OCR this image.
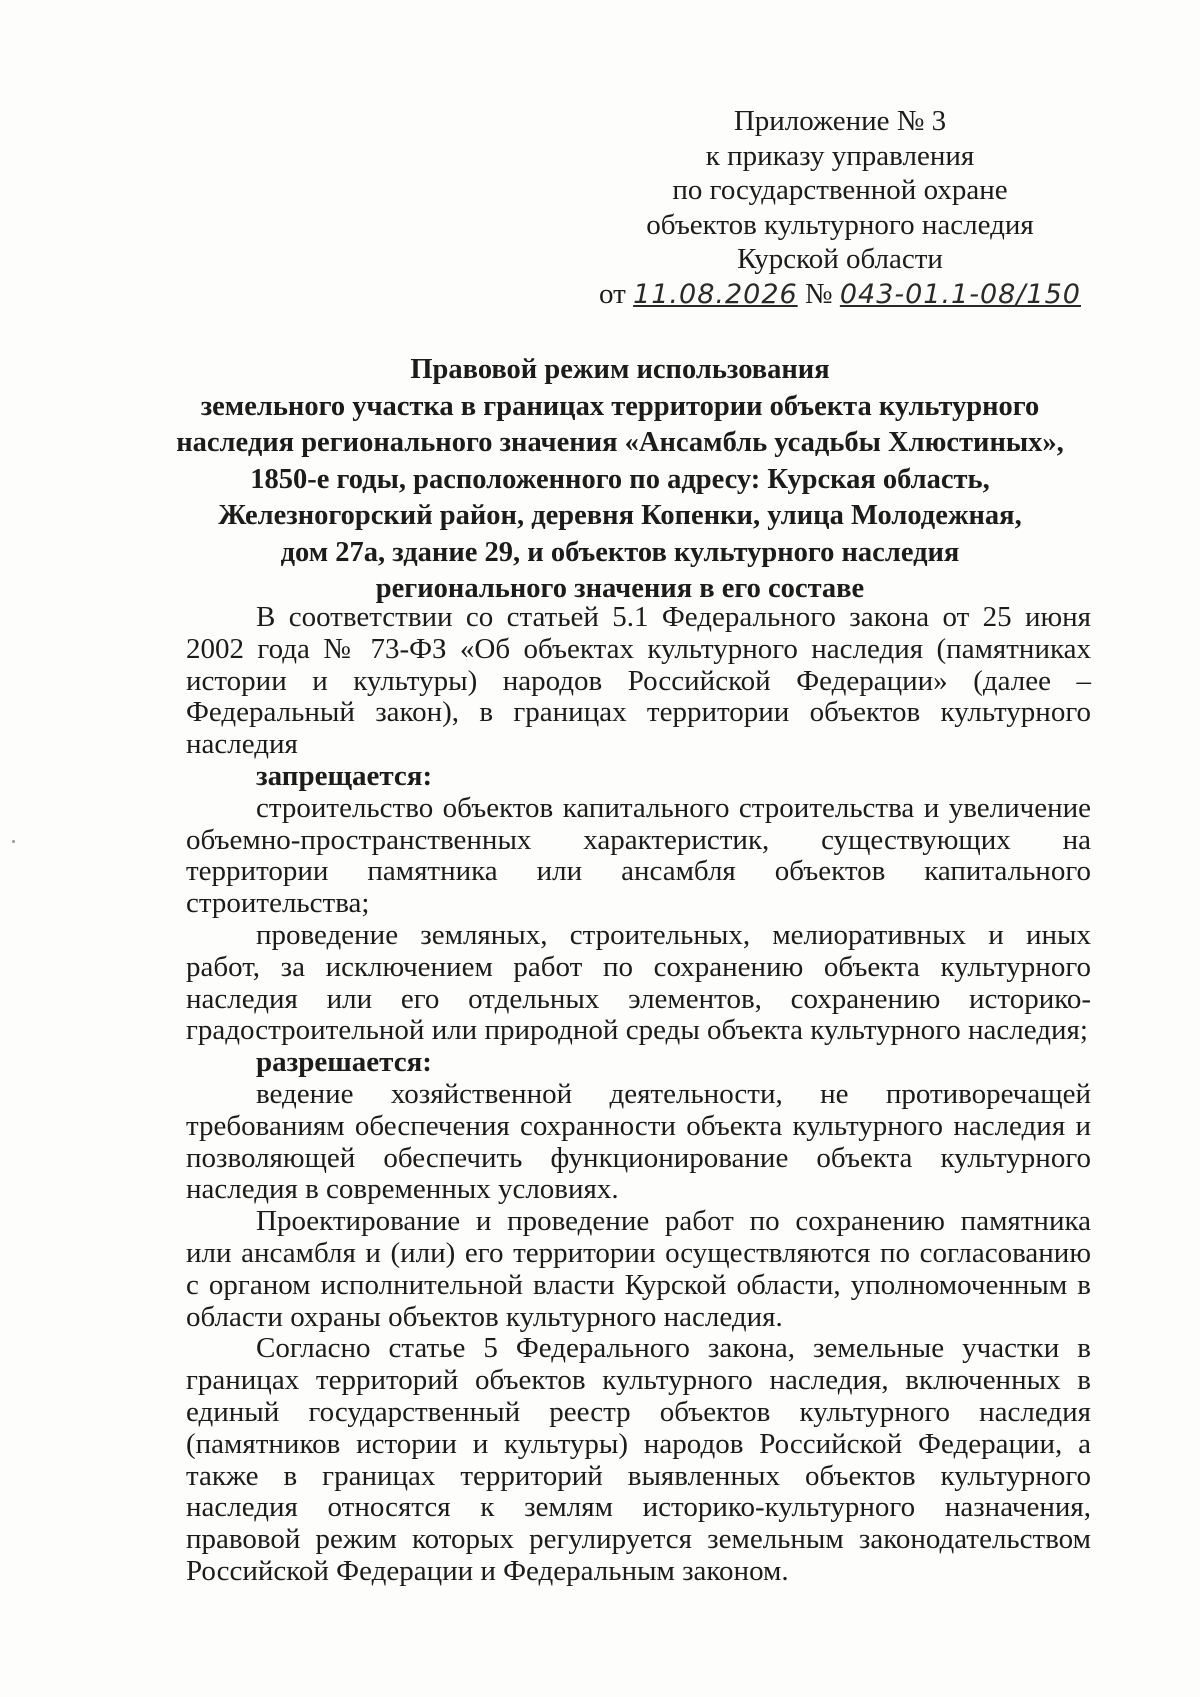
Приложение № 3
к приказу управления
по государственной охране
объектов культурного наследия
Курской области
от 11.08.2026 № 043-01.1-08/150
Правовой режим использования
земельного участка в границах территории объекта культурного
наследия регионального значения «Ансамбль усадьбы Хлюстиных»,
1850-е годы, расположенного по адресу: Курская область,
Железногорский район, деревня Копенки, улица Молодежная,
дом 27а, здание 29, и объектов культурного наследия
регионального значения в его составе

В соответствии со статьей 5.1 Федерального закона от 25 июня 2002 года № 73-ФЗ «Об объектах культурного наследия (памятниках истории и культуры) народов Российской Федерации» (далее – Федеральный закон), в границах территории объектов культурного наследия

запрещается:

строительство объектов капитального строительства и увеличение объемно-пространственных характеристик, существующих на территории памятника или ансамбля объектов капитального строительства;

проведение земляных, строительных, мелиоративных и иных работ, за исключением работ по сохранению объекта культурного наследия или его отдельных элементов, сохранению историко-градостроительной или природной среды объекта культурного наследия;

разрешается:

ведение хозяйственной деятельности, не противоречащей требованиям обеспечения сохранности объекта культурного наследия и позволяющей обеспечить функционирование объекта культурного наследия в современных условиях.

Проектирование и проведение работ по сохранению памятника или ансамбля и (или) его территории осуществляются по согласованию с органом исполнительной власти Курской области, уполномоченным в области охраны объектов культурного наследия.

Согласно статье 5 Федерального закона, земельные участки в границах территорий объектов культурного наследия, включенных в единый государственный реестр объектов культурного наследия (памятников истории и культуры) народов Российской Федерации, а также в границах территорий выявленных объектов культурного наследия относятся к землям историко-культурного назначения, правовой режим которых регулируется земельным законодательством Российской Федерации и Федеральным законом.
